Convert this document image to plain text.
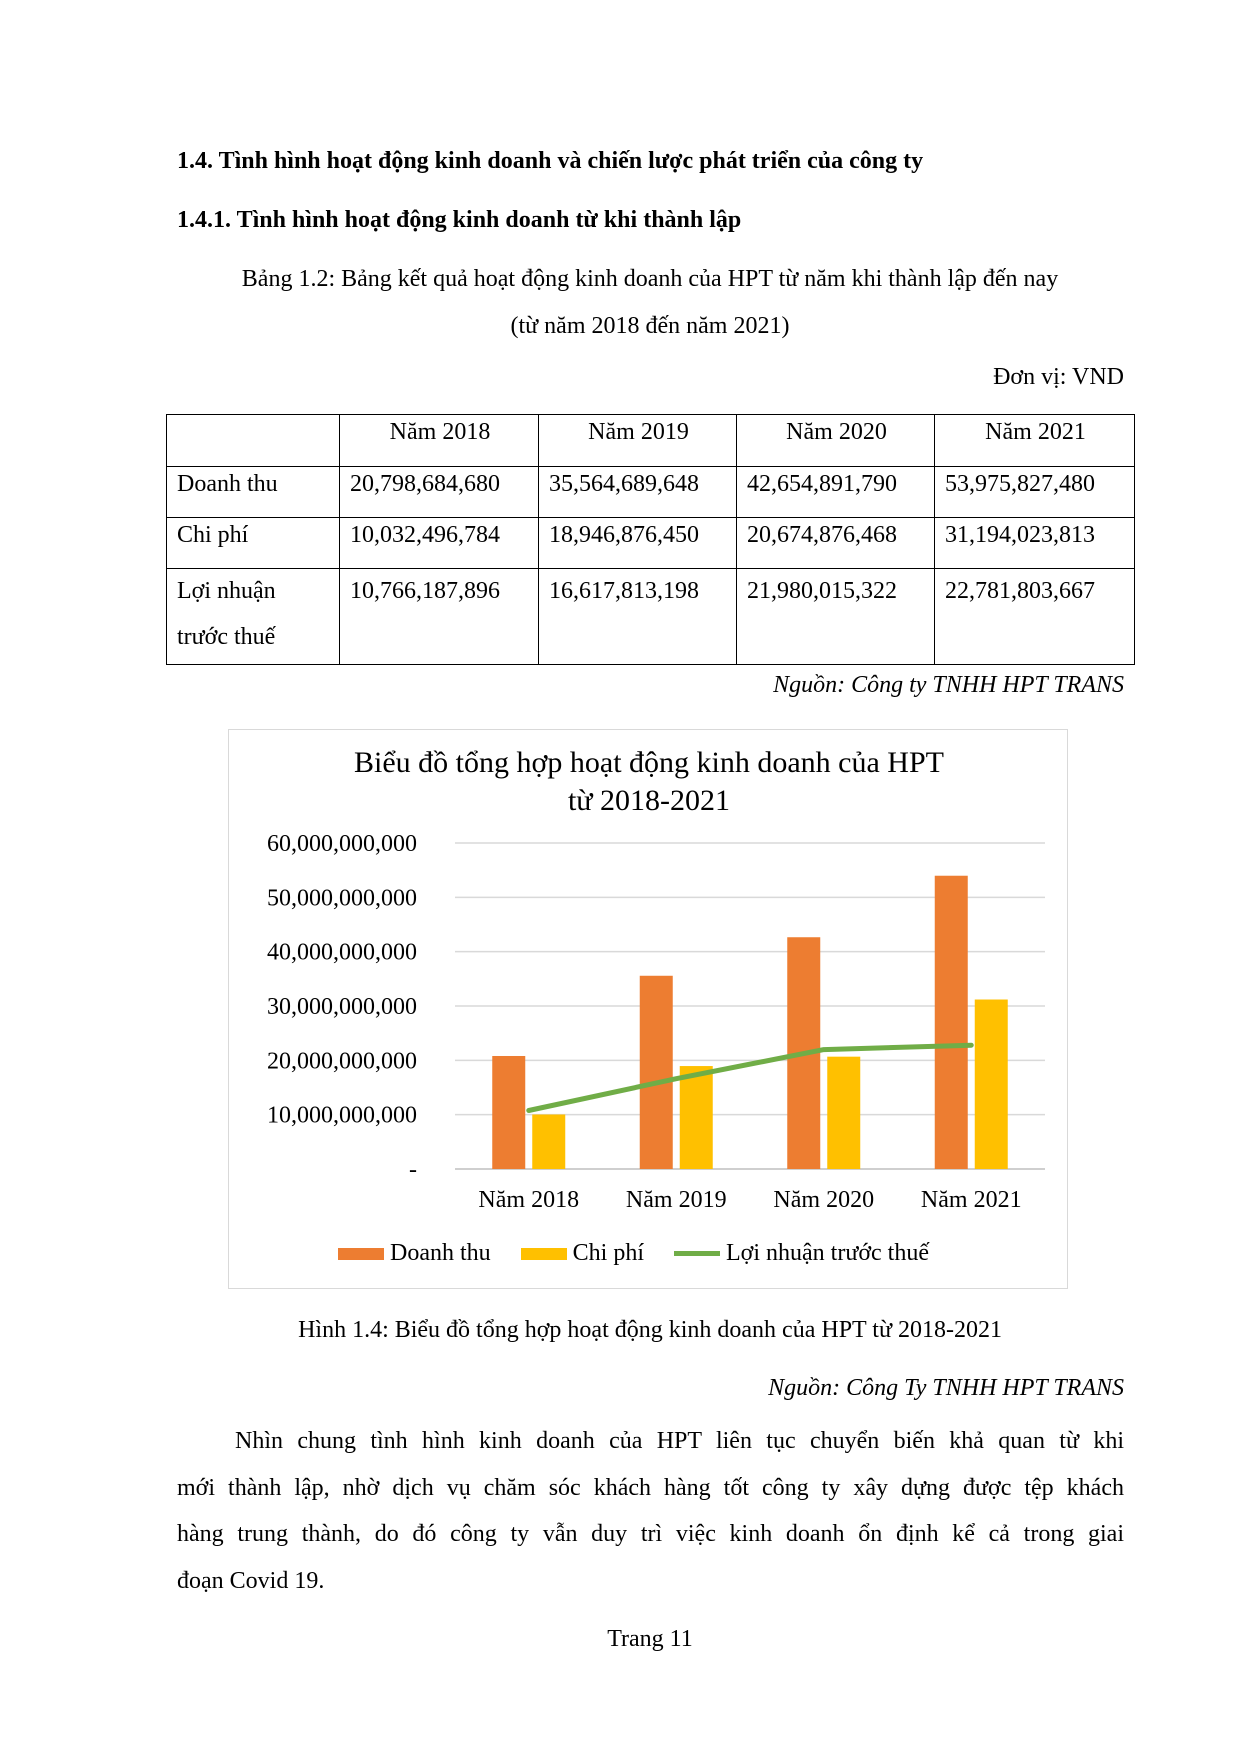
1.4. Tình hình hoạt động kinh doanh và chiến lược phát triển của công ty
1.4.1. Tình hình hoạt động kinh doanh từ khi thành lập
Bảng 1.2: Bảng kết quả hoạt động kinh doanh của HPT từ năm khi thành lập đến nay
(từ năm 2018 đến năm 2021)
Đơn vị: VND
	Năm 2018	Năm 2019	Năm 2020	Năm 2021
Doanh thu	20,798,684,680	35,564,689,648	42,654,891,790	53,975,827,480
Chi phí	10,032,496,784	18,946,876,450	20,674,876,468	31,194,023,813
Lợi nhuận
trước thuế	10,766,187,896	16,617,813,198	21,980,015,322	22,781,803,667
Nguồn: Công ty TNHH HPT TRANS
Biểu đồ tổng hợp hoạt động kinh doanh của HPT
từ 2018-2021
-
10,000,000,000
20,000,000,000
30,000,000,000
40,000,000,000
50,000,000,000
60,000,000,000
Năm 2018 Năm 2019 Năm 2020 Năm 2021
Doanh thu	Chi phí	Lợi nhuận trước thuế
Hình 1.4: Biểu đồ tổng hợp hoạt động kinh doanh của HPT từ 2018-2021
Nguồn: Công Ty TNHH HPT TRANS
Nhìn chung tình hình kinh doanh của HPT liên tục chuyển biến khả quan từ khi
mới thành lập, nhờ dịch vụ chăm sóc khách hàng tốt công ty xây dựng được tệp khách
hàng trung thành, do đó công ty vẫn duy trì việc kinh doanh ổn định kể cả trong giai
đoạn Covid 19.
Trang 11
